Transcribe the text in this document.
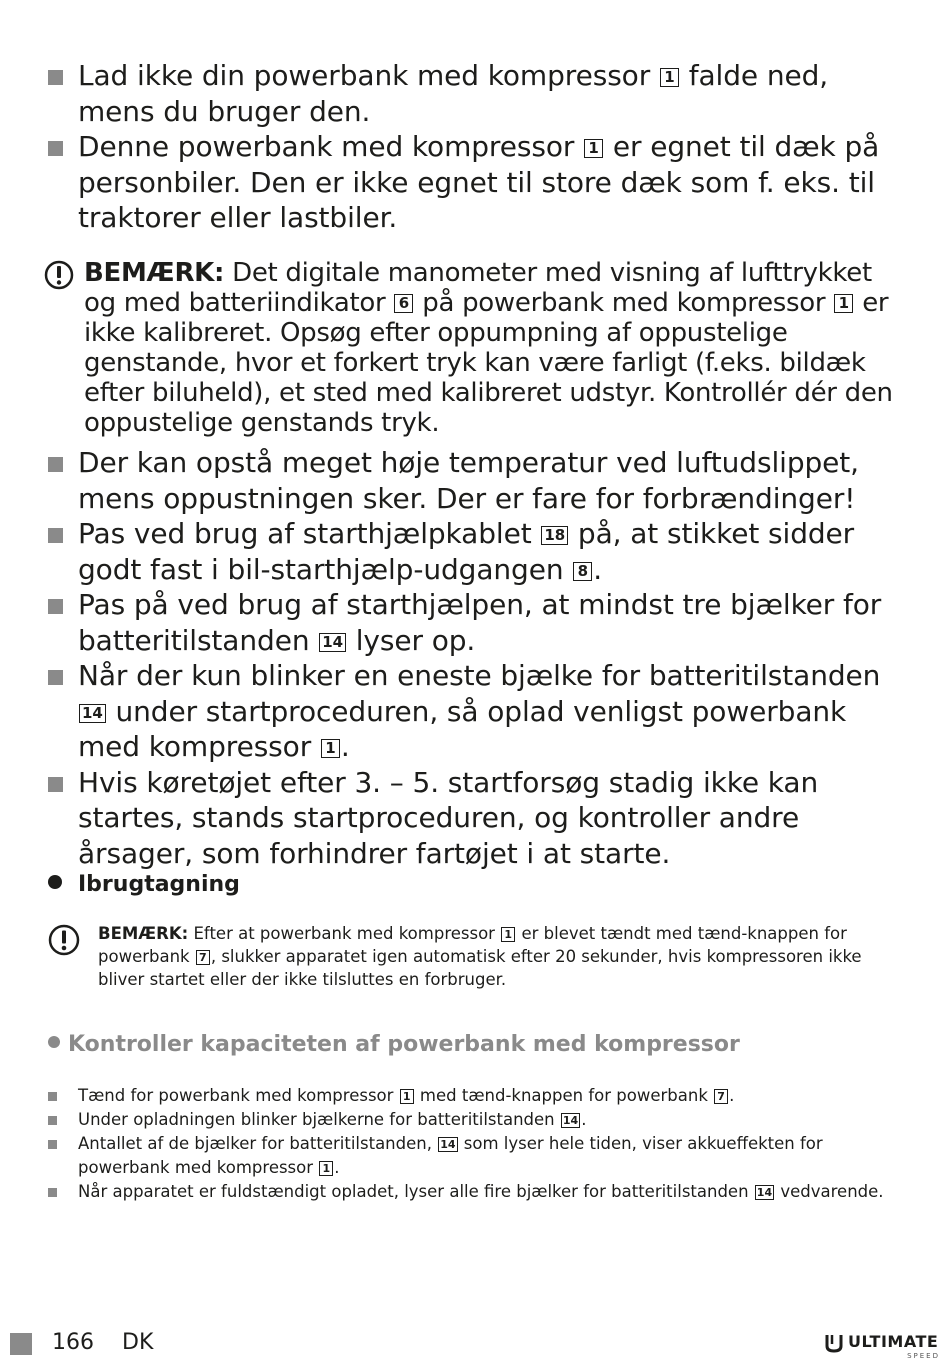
Lad ikke din powerbank med kompressor 1 falde ned, mens du bruger den.
Denne powerbank med kompressor 1 er egnet til dæk på personbiler. Den er ikke egnet til store dæk som f. eks. til traktorer eller lastbiler.
BEMÆRK: Det digitale manometer med visning af lufttrykket og med batteriindikator 6 på powerbank med kompressor 1 er ikke kalibreret. Opsøg efter oppumpning af oppustelige genstande, hvor et forkert tryk kan være farligt (f.eks. bildæk efter biluheld), et sted med kalibreret udstyr. Kontrollér dér den oppustelige genstands tryk.
Der kan opstå meget høje temperatur ved luftudslippet, mens oppustningen sker. Der er fare for forbrændinger!
Pas ved brug af starthjælpkablet 18 på, at stikket sidder godt fast i bil-starthjælp-udgangen 8 .
Pas på ved brug af starthjælpen, at mindst tre bjælker for batteritilstanden 14 lyser op.
Når der kun blinker en eneste bjælke for batteritilstanden 14 under startproceduren, så oplad venligst powerbank med kompressor 1 .
Hvis køretøjet efter 3. – 5. startforsøg stadig ikke kan startes, stands startproceduren, og kontroller andre årsager, som forhindrer fartøjet i at starte.
Ibrugtagning
BEMÆRK: Efter at powerbank med kompressor 1 er blevet tændt med tænd-knappen for powerbank 7 , slukker apparatet igen automatisk efter 20 sekunder, hvis kompressoren ikke bliver startet eller der ikke tilsluttes en forbruger.
Kontroller kapaciteten af powerbank med kompressor
Tænd for powerbank med kompressor 1 med tænd-knappen for powerbank 7 .
Under opladningen blinker bjælkerne for batteritilstanden 14 .
Antallet af de bjælker for batteritilstanden, 14 som lyser hele tiden, viser akkueffekten for powerbank med kompressor 1 .
Når apparatet er fuldstændigt opladet, lyser alle fire bjælker for batteritilstanden 14 vedvarende.
166 DK	ULTIMATE
SPEED
